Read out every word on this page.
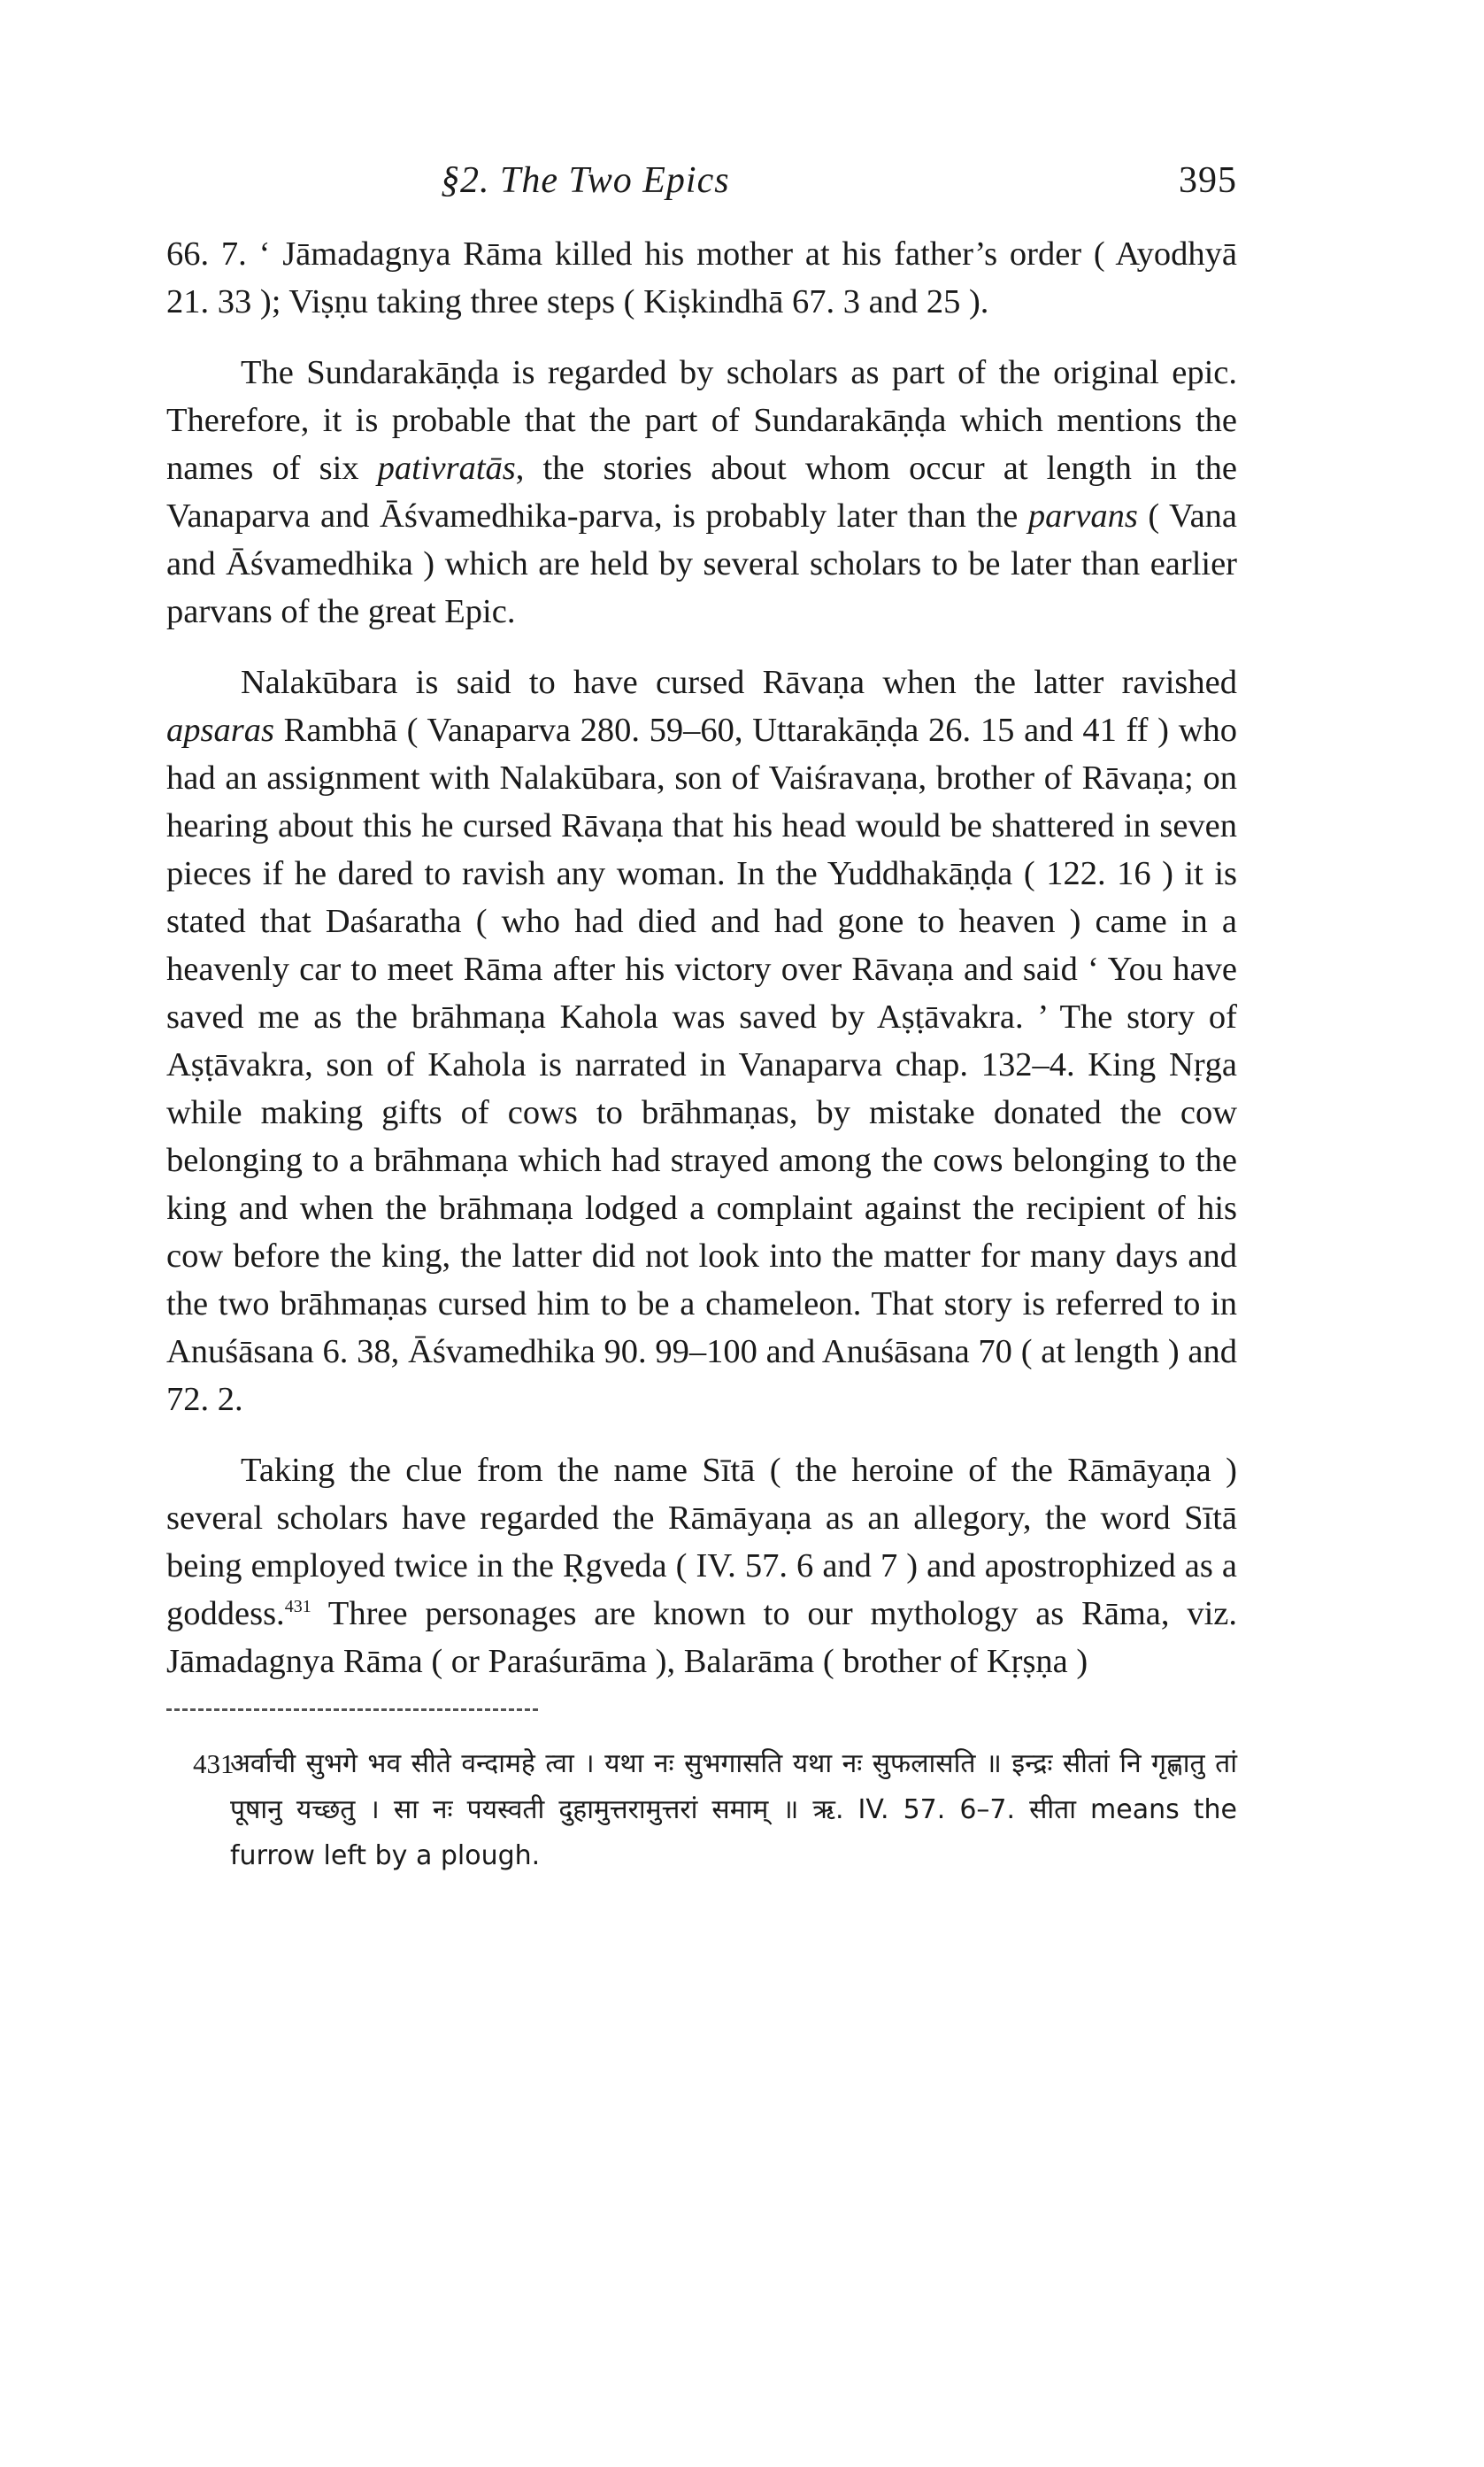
§2. The Two Epics	395

66. 7. ‘ Jāmadagnya Rāma killed his mother at his father’s order ( Ayodhyā 21. 33 ); Viṣṇu taking three steps ( Kiṣkindhā 67. 3 and 25 ).

The Sundarakāṇḍa is regarded by scholars as part of the original epic. Therefore, it is probable that the part of Sundarakāṇḍa which mentions the names of six pativratās, the stories about whom occur at length in the Vanaparva and Āśvamedhika-parva, is probably later than the parvans ( Vana and Āśvamedhika ) which are held by several scholars to be later than earlier parvans of the great Epic.

Nalakūbara is said to have cursed Rāvaṇa when the latter ravished apsaras Rambhā ( Vanaparva 280. 59–60, Uttarakāṇḍa 26. 15 and 41 ff ) who had an assignment with Nalakūbara, son of Vaiśravaṇa, brother of Rāvaṇa; on hearing about this he cursed Rāvaṇa that his head would be shattered in seven pieces if he dared to ravish any woman. In the Yuddhakāṇḍa ( 122. 16 ) it is stated that Daśaratha ( who had died and had gone to heaven ) came in a heavenly car to meet Rāma after his victory over Rāvaṇa and said ‘ You have saved me as the brāhmaṇa Kahola was saved by Aṣṭāvakra. ’ The story of Aṣṭāvakra, son of Kahola is narrated in Vanaparva chap. 132–4. King Nṛga while making gifts of cows to brāhmaṇas, by mistake donated the cow belonging to a brāhmaṇa which had strayed among the cows belonging to the king and when the brāhmaṇa lodged a complaint against the recipient of his cow before the king, the latter did not look into the matter for many days and the two brāhmaṇas cursed him to be a chameleon. That story is referred to in Anuśāsana 6. 38, Āśvamedhika 90. 99–100 and Anuśāsana 70 ( at length ) and 72. 2.

Taking the clue from the name Sītā ( the heroine of the Rāmāyaṇa ) several scholars have regarded the Rāmāyaṇa as an allegory, the word Sītā being employed twice in the Ṛgveda ( IV. 57. 6 and 7 ) and apostrophized as a goddess.$^{431}$ Three personages are known to our mythology as Rāma, viz. Jāmadagnya Rāma ( or Paraśurāma ), Balarāma ( brother of Kṛṣṇa )

431
अर्वाची सुभगे भव सीते वन्दामहे त्वा । यथा नः सुभगासति यथा नः सुफलासति ॥ इन्द्रः सीतां नि गृह्णातु तां पूषानु यच्छतु । सा नः पयस्वती दुहामुत्तरामुत्तरां समाम् ॥ ऋ. IV. 57. 6–7. सीता means the furrow left by a plough.
